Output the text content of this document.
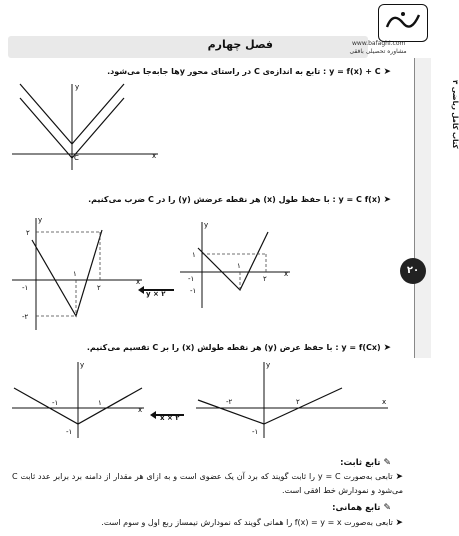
فصل چهارم	www.bafaghi.com
مشاوره تحصیلی بافقی
کتاب کامل ریاضی ۳
۲۰
➤ y = f(x) + C : تابع به اندازه‌ی C در راستای محور yها جابه‌جا می‌شود.
x
y
C
➤ y = C f(x) : با حفظ طول (x) هر نقطه عرضش (y) را در C ضرب می‌کنیم.
x
y
-۱
۱
۲
۲
-۲
y × ۲
x
y
-۱
۱
۲
۱
-۱
➤ y = f(Cx) : با حفظ عرض (y) هر نقطه طولش (x) را بر C تقسیم می‌کنیم.
x
y
-۱	۱
-۱
x × ۲
x
y
-۲	۲
-۱
✎ تابع ثابت:
➤ تابعی به‌صورت y = C را ثابت گویند که برد آن یک عضوی است و به ازای هر مقدار از دامنه برد برابر عدد ثابت C می‌شود و نمودارش خط افقی است.
✎ تابع همانی:
➤ تابعی به‌صورت f(x) = y = x را همانی گویند که نمودارش نیمساز ربع اول و سوم است.
